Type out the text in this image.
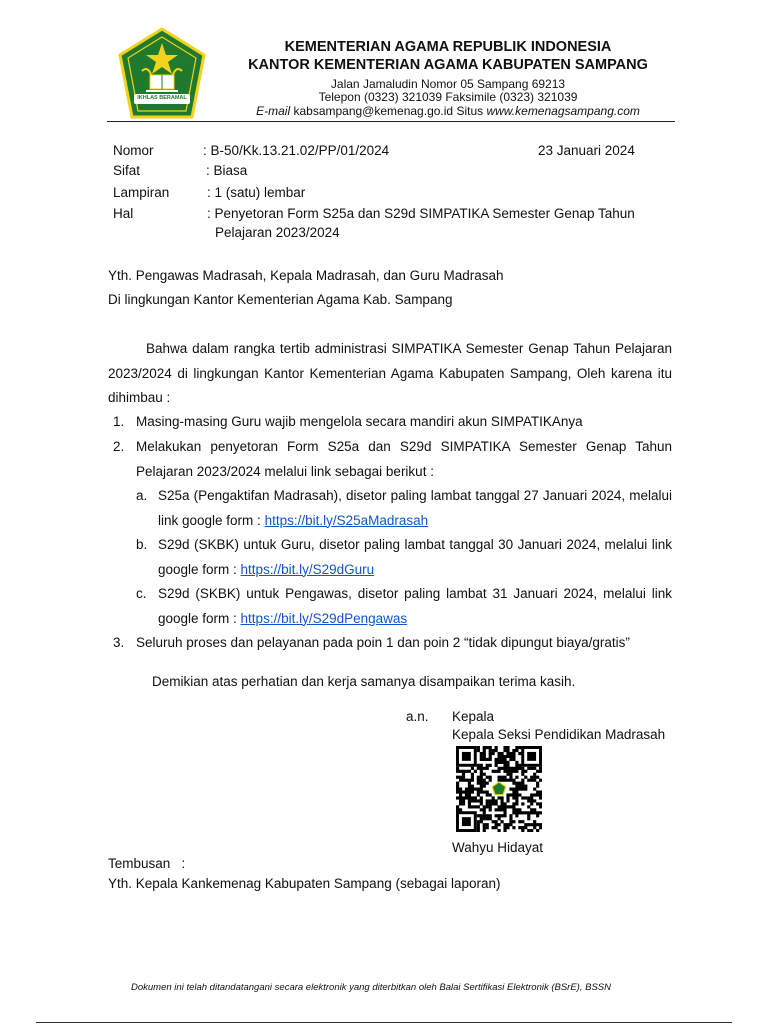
IKHLAS BERAMAL
KEMENTERIAN AGAMA REPUBLIK INDONESIA
KANTOR KEMENTERIAN AGAMA KABUPATEN SAMPANG
Jalan Jamaludin Nomor 05 Sampang 69213
Telepon (0323) 321039 Faksimile (0323) 321039
E-mail kabsampang@kemenag.go.id Situs www.kemenagsampang.com
Nomor	: B-50/Kk.13.21.02/PP/01/2024	23 Januari 2024
Sifat	: Biasa
Lampiran	: 1 (satu) lembar
Hal	: Penyetoran Form S25a dan S29d SIMPATIKA Semester Genap Tahun
Pelajaran 2023/2024
Yth. Pengawas Madrasah, Kepala Madrasah, dan Guru Madrasah
Di lingkungan Kantor Kementerian Agama Kab. Sampang
Bahwa dalam rangka tertib administrasi SIMPATIKA Semester Genap Tahun Pelajaran 2023/2024 di lingkungan Kantor Kementerian Agama Kabupaten Sampang, Oleh karena itu dihimbau :
1. Masing-masing Guru wajib mengelola secara mandiri akun SIMPATIKAnya
2. Melakukan penyetoran Form S25a dan S29d SIMPATIKA Semester Genap Tahun Pelajaran 2023/2024 melalui link sebagai berikut :
a. S25a (Pengaktifan Madrasah), disetor paling lambat tanggal 27 Januari 2024, melalui link google form : https://bit.ly/S25aMadrasah
b. S29d (SKBK) untuk Guru, disetor paling lambat tanggal 30 Januari 2024, melalui link google form : https://bit.ly/S29dGuru
c. S29d (SKBK) untuk Pengawas, disetor paling lambat 31 Januari 2024, melalui link google form : https://bit.ly/S29dPengawas
3. Seluruh proses dan pelayanan pada poin 1 dan poin 2 “tidak dipungut biaya/gratis”
Demikian atas perhatian dan kerja samanya disampaikan terima kasih.
a.n. Kepala
Kepala Seksi Pendidikan Madrasah
Wahyu Hidayat
Tembusan   :
Yth. Kepala Kankemenag Kabupaten Sampang (sebagai laporan)
Dokumen ini telah ditandatangani secara elektronik yang diterbitkan oleh Balai Sertifikasi Elektronik (BSrE), BSSN
